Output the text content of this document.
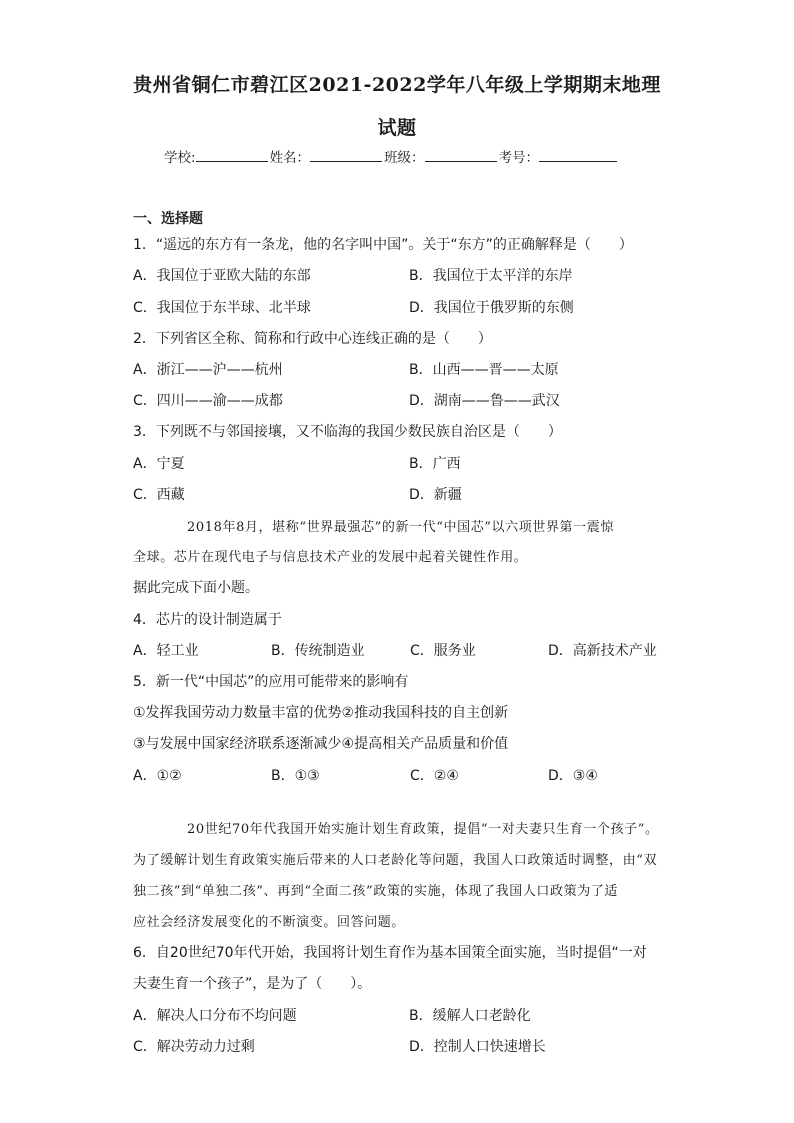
贵州省铜仁市碧江区2021-2022学年八年级上学期期末地理
试题
学校:	姓名：	班级：	考号：
一、选择题
1．“遥远的东方有一条龙，他的名字叫中国”。关于“东方”的正确解释是（　　）
A．我国位于亚欧大陆的东部	B．我国位于太平洋的东岸
C．我国位于东半球、北半球	D．我国位于俄罗斯的东侧
2．下列省区全称、简称和行政中心连线正确的是（　　）
A．浙江——沪——杭州	B．山西——晋——太原
C．四川——渝——成都	D．湖南——鲁——武汉
3．下列既不与邻国接壤，又不临海的我国少数民族自治区是（　　）
A．宁夏	B．广西
C．西藏	D．新疆
2018年8月，堪称“世界最强芯”的新一代“中国芯”以六项世界第一震惊
全球。芯片在现代电子与信息技术产业的发展中起着关键性作用。
据此完成下面小题。
4．芯片的设计制造属于
A．轻工业	B．传统制造业	C．服务业	D．高新技术产业
5．新一代“中国芯”的应用可能带来的影响有
①发挥我国劳动力数量丰富的优势②推动我国科技的自主创新
③与发展中国家经济联系逐渐减少④提高相关产品质量和价值
A．①②	B．①③	C．②④	D．③④
20世纪70年代我国开始实施计划生育政策，提倡“一对夫妻只生育一个孩子”。
为了缓解计划生育政策实施后带来的人口老龄化等问题，我国人口政策适时调整，由“双
独二孩”到“单独二孩”、再到“全面二孩”政策的实施，体现了我国人口政策为了适
应社会经济发展变化的不断演变。回答问题。
6．自20世纪70年代开始，我国将计划生育作为基本国策全面实施，当时提倡“一对
夫妻生育一个孩子”，是为了（　　）。
A．解决人口分布不均问题	B．缓解人口老龄化
C．解决劳动力过剩	D．控制人口快速增长
